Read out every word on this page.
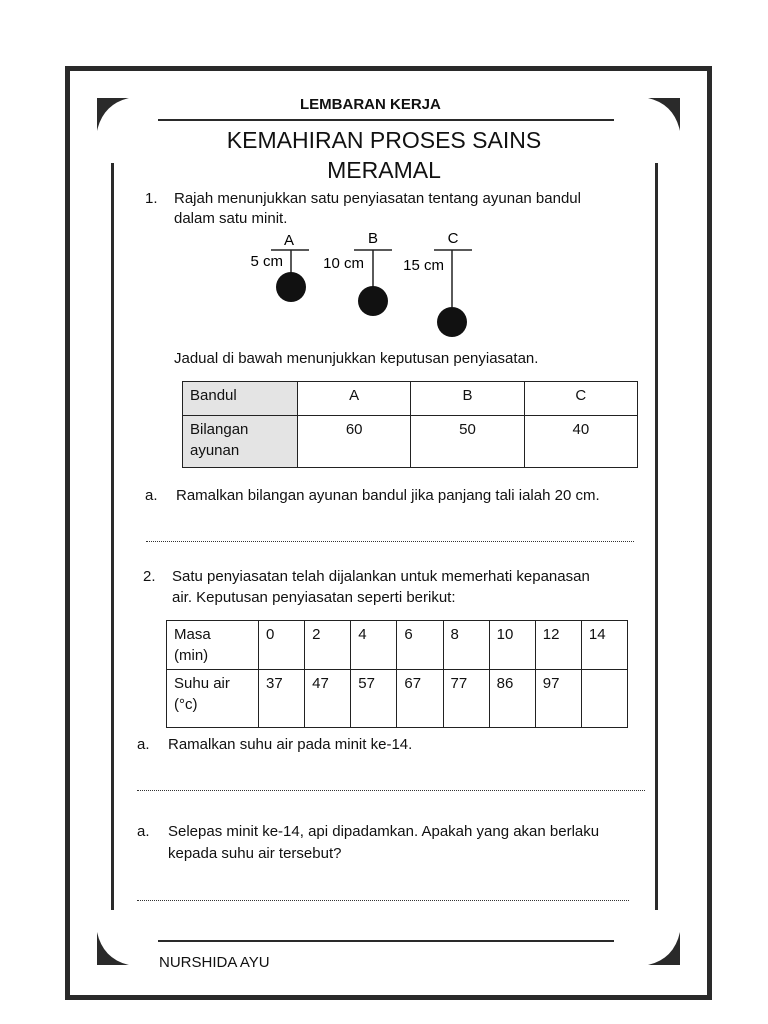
LEMBARAN KERJA
KEMAHIRAN PROSES SAINS
MERAMAL
1. Rajah menunjukkan satu penyiasatan tentang ayunan bandul
dalam satu minit.
A
5 cm
B
10 cm
C
15 cm
Jadual di bawah menunjukkan keputusan penyiasatan.
Bandul	A	B	C

Bilangan
ayunan	60	50	40
a. Ramalkan bilangan ayunan bandul jika panjang tali ialah 20 cm.
2. Satu penyiasatan telah dijalankan untuk memerhati kepanasan
air. Keputusan penyiasatan seperti berikut:
Masa
(min)	0	2	4	6	8	10	12	14

Suhu air
(°c)	37	47	57	67	77	86	97	
a. Ramalkan suhu air pada minit ke-14.
a. Selepas minit ke-14, api dipadamkan. Apakah yang akan berlaku
kepada suhu air tersebut?
NURSHIDA AYU
